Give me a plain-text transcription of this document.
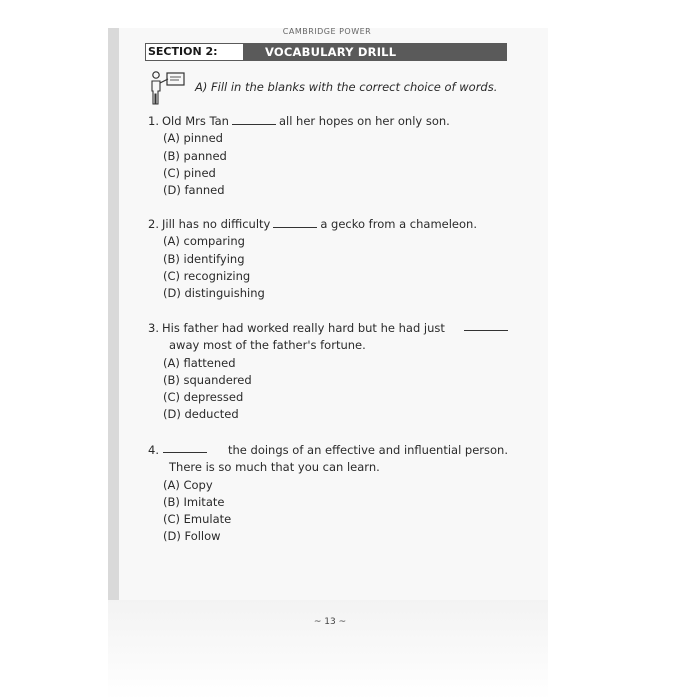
CAMBRIDGE POWER
SECTION 2:	VOCABULARY DRILL
A) Fill in the blanks with the correct choice of words.
1. Old Mrs Tan	all her hopes on her only son.
(A) pinned
(B) panned
(C) pined
(D) fanned
2. Jill has no difficulty	a gecko from a chameleon.
(A) comparing
(B) identifying
(C) recognizing
(D) distinguishing
3. His father had worked really hard but he had just
away most of the father's fortune.
(A) flattened
(B) squandered
(C) depressed
(D) deducted
4.	the doings of an effective and influential person.
There is so much that you can learn.
(A) Copy
(B) Imitate
(C) Emulate
(D) Follow
~ 13 ~
